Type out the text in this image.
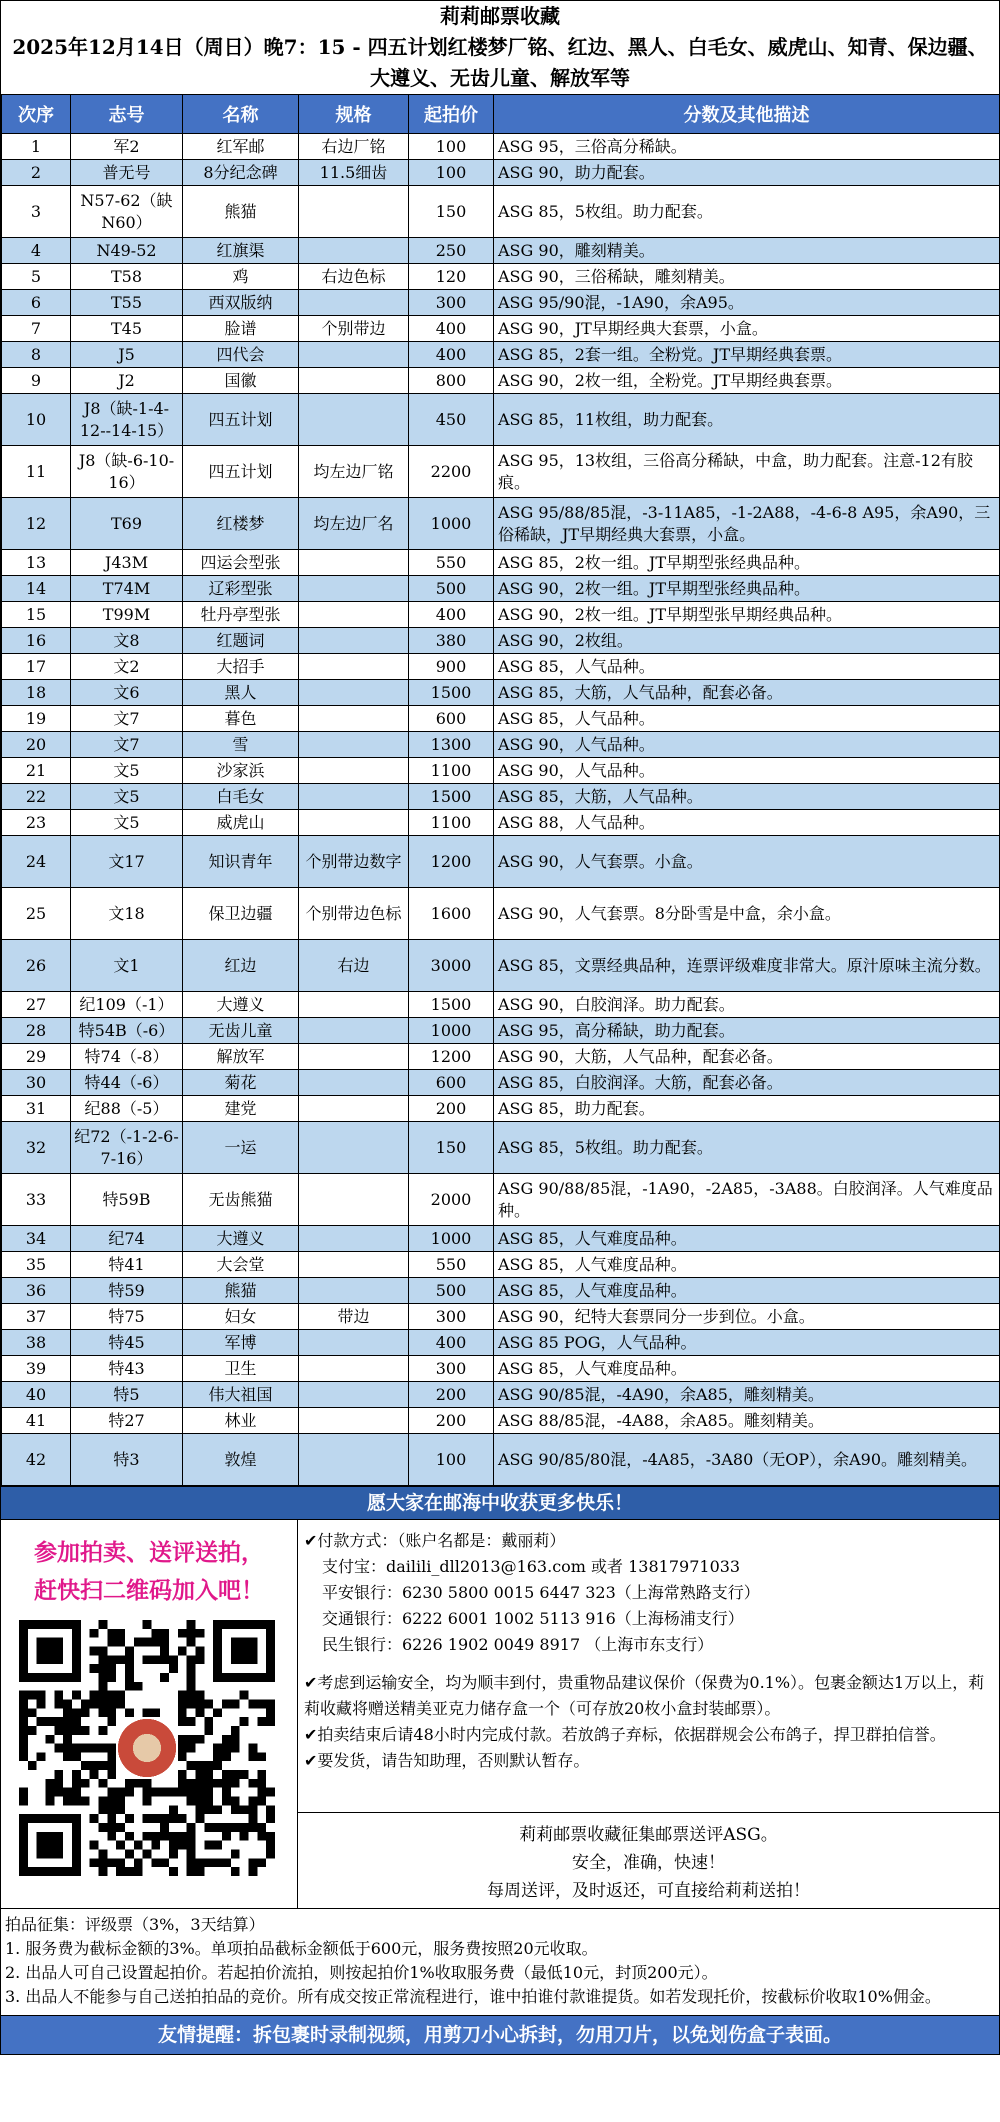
莉莉邮票收藏
2025年12月14日（周日）晚7：15 - 四五计划红楼梦厂铭、红边、黑人、白毛女、威虎山、知青、保边疆、大遵义、无齿儿童、解放军等
次序	志号	名称	规格	起拍价	分数及其他描述
1	军2	红军邮	右边厂铭	100	ASG 95，三俗高分稀缺。
2	普无号	8分纪念碑	11.5细齿	100	ASG 90，助力配套。
3	N57-62（缺N60）	熊猫		150	ASG 85，5枚组。助力配套。
4	N49-52	红旗渠		250	ASG 90，雕刻精美。
5	T58	鸡	右边色标	120	ASG 90，三俗稀缺，雕刻精美。
6	T55	西双版纳		300	ASG 95/90混，-1A90，余A95。
7	T45	脸谱	个别带边	400	ASG 90，JT早期经典大套票，小盒。
8	J5	四代会		400	ASG 85，2套一组。全粉党。JT早期经典套票。
9	J2	国徽		800	ASG 90，2枚一组，全粉党。JT早期经典套票。
10	J8（缺-1-4-12--14-15）	四五计划		450	ASG 85，11枚组，助力配套。
11	J8（缺-6-10-16）	四五计划	均左边厂铭	2200	ASG 95，13枚组，三俗高分稀缺，中盒，助力配套。注意-12有胶痕。
12	T69	红楼梦	均左边厂名	1000	ASG 95/88/85混，-3-11A85，-1-2A88，-4-6-8 A95，余A90，三俗稀缺，JT早期经典大套票，小盒。
13	J43M	四运会型张		550	ASG 85，2枚一组。JT早期型张经典品种。
14	T74M	辽彩型张		500	ASG 90，2枚一组。JT早期型张经典品种。
15	T99M	牡丹亭型张		400	ASG 90，2枚一组。JT早期型张早期经典品种。
16	文8	红题词		380	ASG 90，2枚组。
17	文2	大招手		900	ASG 85，人气品种。
18	文6	黑人		1500	ASG 85，大筋，人气品种，配套必备。
19	文7	暮色		600	ASG 85，人气品种。
20	文7	雪		1300	ASG 90，人气品种。
21	文5	沙家浜		1100	ASG 90，人气品种。
22	文5	白毛女		1500	ASG 85，大筋，人气品种。
23	文5	威虎山		1100	ASG 88，人气品种。
24	文17	知识青年	个别带边数字	1200	ASG 90，人气套票。小盒。
25	文18	保卫边疆	个别带边色标	1600	ASG 90，人气套票。8分卧雪是中盒，余小盒。
26	文1	红边	右边	3000	ASG 85，文票经典品种，连票评级难度非常大。原汁原味主流分数。
27	纪109（-1）	大遵义		1500	ASG 90，白胶润泽。助力配套。
28	特54B（-6）	无齿儿童		1000	ASG 95，高分稀缺，助力配套。
29	特74（-8）	解放军		1200	ASG 90，大筋，人气品种，配套必备。
30	特44（-6）	菊花		600	ASG 85，白胶润泽。大筋，配套必备。
31	纪88（-5）	建党		200	ASG 85，助力配套。
32	纪72（-1-2-6-7-16）	一运		150	ASG 85，5枚组。助力配套。
33	特59B	无齿熊猫		2000	ASG 90/88/85混，-1A90，-2A85，-3A88。白胶润泽。人气难度品种。
34	纪74	大遵义		1000	ASG 85，人气难度品种。
35	特41	大会堂		550	ASG 85，人气难度品种。
36	特59	熊猫		500	ASG 85，人气难度品种。
37	特75	妇女	带边	300	ASG 90，纪特大套票同分一步到位。小盒。
38	特45	军博		400	ASG 85 POG，人气品种。
39	特43	卫生		300	ASG 85，人气难度品种。
40	特5	伟大祖国		200	ASG 90/85混，-4A90，余A85，雕刻精美。
41	特27	林业		200	ASG 88/85混，-4A88，余A85。雕刻精美。
42	特3	敦煌		100	ASG 90/85/80混，-4A85，-3A80（无OP），余A90。雕刻精美。
愿大家在邮海中收获更多快乐！
参加拍卖、送评送拍，
赶快扫二维码加入吧！
✔付款方式：（账户名都是：戴丽莉）
支付宝：dailili_dll2013@163.com 或者 13817971033
平安银行：6230 5800 0015 6447 323（上海常熟路支行）
交通银行：6222 6001 1002 5113 916（上海杨浦支行）
民生银行：6226 1902 0049 8917 （上海市东支行）
✔考虑到运输安全，均为顺丰到付，贵重物品建议保价（保费为0.1%）。包裹金额达1万以上，莉莉收藏将赠送精美亚克力储存盒一个（可存放20枚小盒封装邮票）。
✔拍卖结束后请48小时内完成付款。若放鸽子弃标，依据群规会公布鸽子，捍卫群拍信誉。
✔要发货，请告知助理，否则默认暂存。
莉莉邮票收藏征集邮票送评ASG。
安全，准确，快速！
每周送评，及时返还，可直接给莉莉送拍！
拍品征集：评级票（3%，3天结算）
1. 服务费为截标金额的3%。单项拍品截标金额低于600元，服务费按照20元收取。
2. 出品人可自己设置起拍价。若起拍价流拍，则按起拍价1%收取服务费（最低10元，封顶200元）。
3. 出品人不能参与自己送拍拍品的竞价。所有成交按正常流程进行，谁中拍谁付款谁提货。如若发现托价，按截标价收取10%佣金。
友情提醒：拆包裹时录制视频，用剪刀小心拆封，勿用刀片，以免划伤盒子表面。
